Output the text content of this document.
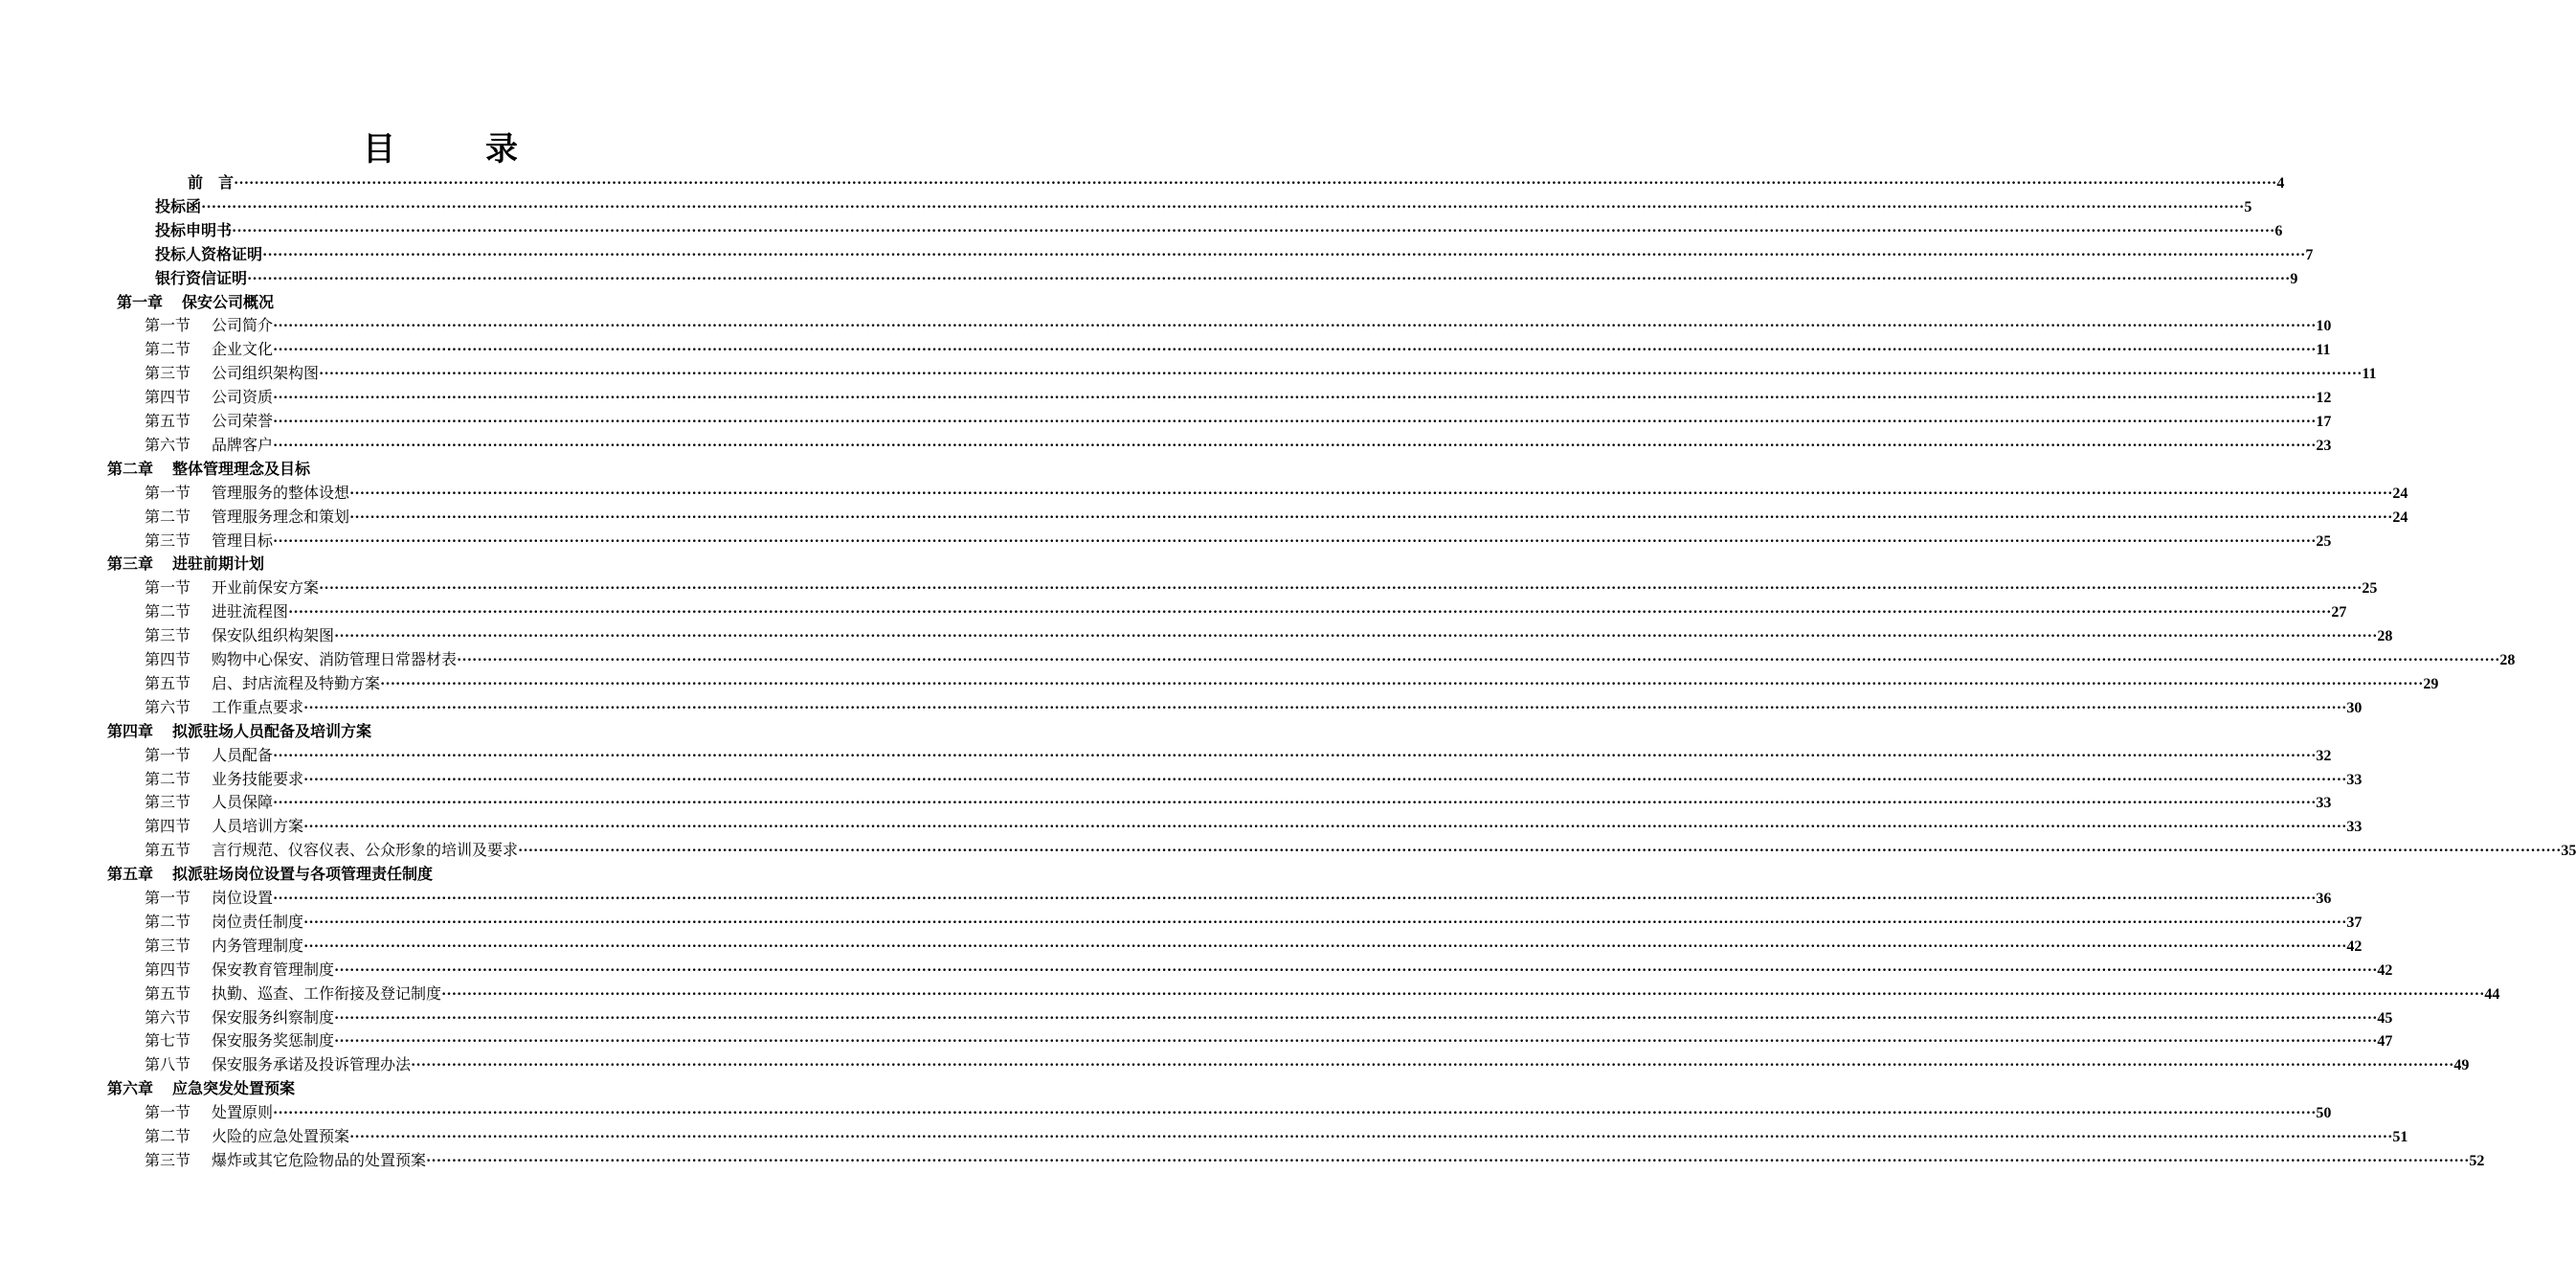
目　录
前　言 ················································································································································································································································································································································································································ 4
投标函 ················································································································································································································································································································································································································ 5
投标申明书 ················································································································································································································································································································································································································ 6
投标人资格证明 ················································································································································································································································································································································································································ 7
银行资信证明 ················································································································································································································································································································································································································ 9
第一章 保安公司概况
第一节 公司简介 ················································································································································································································································································································································································································ 10
第二节 企业文化 ················································································································································································································································································································································································································ 11
第三节 公司组织架构图 ················································································································································································································································································································································································································ 11
第四节 公司资质 ················································································································································································································································································································································································································ 12
第五节 公司荣誉 ················································································································································································································································································································································································································ 17
第六节 品牌客户 ················································································································································································································································································································································································································ 23
第二章 整体管理理念及目标
第一节 管理服务的整体设想 ················································································································································································································································································································································································································ 24
第二节 管理服务理念和策划 ················································································································································································································································································································································································································ 24
第三节 管理目标 ················································································································································································································································································································································································································ 25
第三章 进驻前期计划
第一节 开业前保安方案 ················································································································································································································································································································································································································ 25
第二节 进驻流程图 ················································································································································································································································································································································································································ 27
第三节 保安队组织构架图 ················································································································································································································································································································································································································ 28
第四节 购物中心保安、消防管理日常器材表 ················································································································································································································································································································································································································ 28
第五节 启、封店流程及特勤方案 ················································································································································································································································································································································································································ 29
第六节 工作重点要求 ················································································································································································································································································································································································································ 30
第四章 拟派驻场人员配备及培训方案
第一节 人员配备 ················································································································································································································································································································································································································ 32
第二节 业务技能要求 ················································································································································································································································································································································································································ 33
第三节 人员保障 ················································································································································································································································································································································································································ 33
第四节 人员培训方案 ················································································································································································································································································································································································································ 33
第五节 言行规范、仪容仪表、公众形象的培训及要求 ················································································································································································································································································································································································································ 35
第五章 拟派驻场岗位设置与各项管理责任制度
第一节 岗位设置 ················································································································································································································································································································································································································ 36
第二节 岗位责任制度 ················································································································································································································································································································································································································ 37
第三节 内务管理制度 ················································································································································································································································································································································································································ 42
第四节 保安教育管理制度 ················································································································································································································································································································································································································ 42
第五节 执勤、巡查、工作衔接及登记制度 ················································································································································································································································································································································································································ 44
第六节 保安服务纠察制度 ················································································································································································································································································································································································································ 45
第七节 保安服务奖惩制度 ················································································································································································································································································································································································································ 47
第八节 保安服务承诺及投诉管理办法 ················································································································································································································································································································································································································ 49
第六章 应急突发处置预案
第一节 处置原则 ················································································································································································································································································································································································································ 50
第二节 火险的应急处置预案 ················································································································································································································································································································································································································ 51
第三节 爆炸或其它危险物品的处置预案 ················································································································································································································································································································································································································ 52
